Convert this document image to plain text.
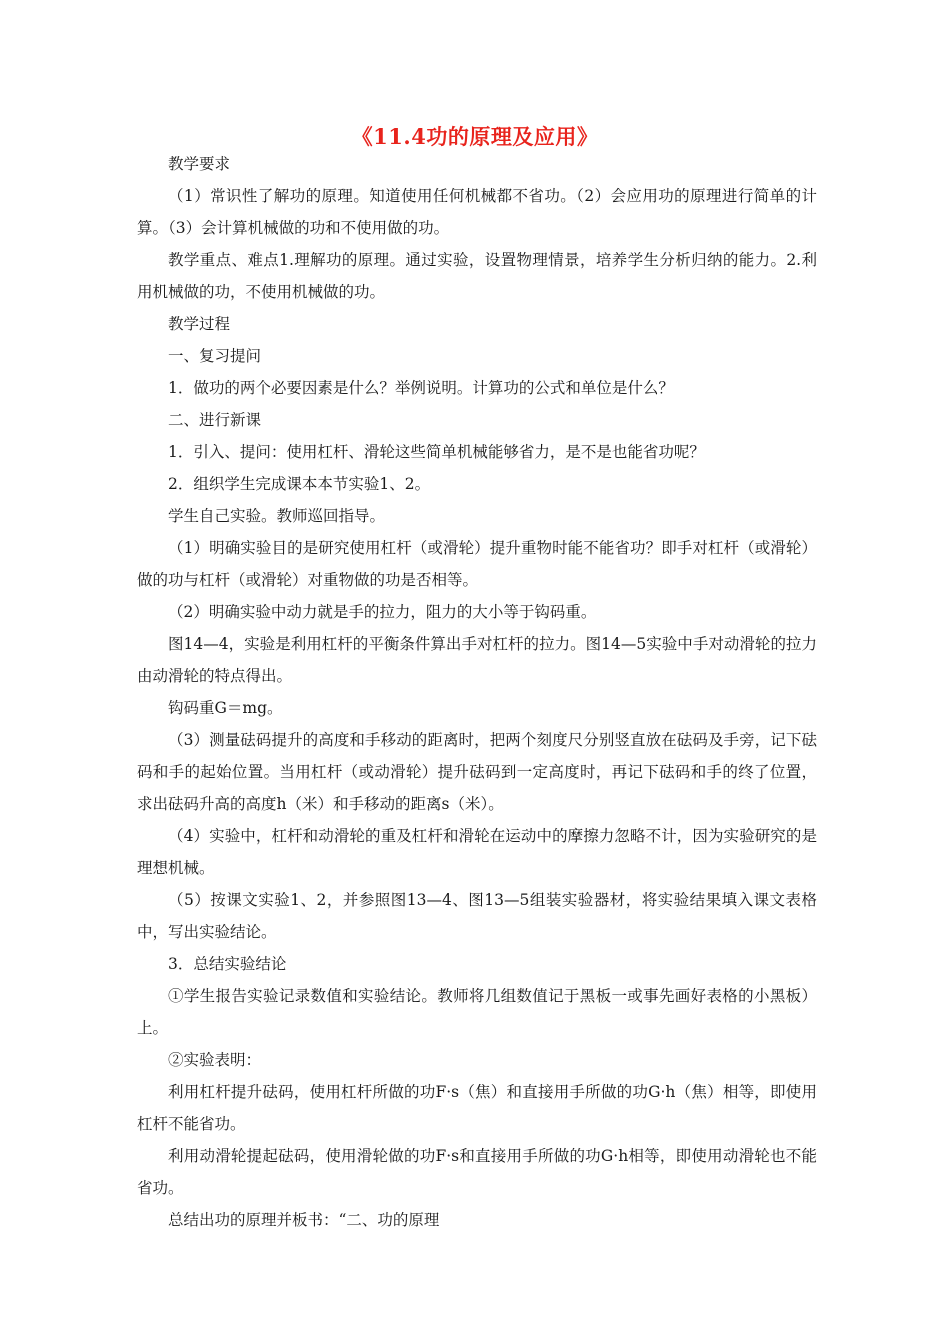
《11.4功的原理及应用》

教学要求

（1）常识性了解功的原理。知道使用任何机械都不省功。（2）会应用功的原理进行简单的计算。（3）会计算机械做的功和不使用做的功。

教学重点、难点1.理解功的原理。通过实验，设置物理情景，培养学生分析归纳的能力。2.利用机械做的功，不使用机械做的功。

教学过程

一、复习提问

1．做功的两个必要因素是什么？举例说明。计算功的公式和单位是什么？

二、进行新课

1．引入、提问：使用杠杆、滑轮这些简单机械能够省力，是不是也能省功呢？

2．组织学生完成课本本节实验1、2。

学生自己实验。教师巡回指导。

（1）明确实验目的是研究使用杠杆（或滑轮）提升重物时能不能省功？即手对杠杆（或滑轮）做的功与杠杆（或滑轮）对重物做的功是否相等。

（2）明确实验中动力就是手的拉力，阻力的大小等于钩码重。

图14—4，实验是利用杠杆的平衡条件算出手对杠杆的拉力。图14—5实验中手对动滑轮的拉力由动滑轮的特点得出。

钩码重G＝mg。

（3）测量砝码提升的高度和手移动的距离时，把两个刻度尺分别竖直放在砝码及手旁，记下砝码和手的起始位置。当用杠杆（或动滑轮）提升砝码到一定高度时，再记下砝码和手的终了位置，求出砝码升高的高度h（米）和手移动的距离s（米）。

（4）实验中，杠杆和动滑轮的重及杠杆和滑轮在运动中的摩擦力忽略不计，因为实验研究的是理想机械。

（5）按课文实验1、2，并参照图13—4、图13—5组装实验器材，将实验结果填入课文表格中，写出实验结论。

3．总结实验结论

①学生报告实验记录数值和实验结论。教师将几组数值记于黑板一或事先画好表格的小黑板）上。

②实验表明：

利用杠杆提升砝码，使用杠杆所做的功F·s（焦）和直接用手所做的功G·h（焦）相等，即使用杠杆不能省功。

利用动滑轮提起砝码，使用滑轮做的功F·s和直接用手所做的功G·h相等，即使用动滑轮也不能省功。

总结出功的原理并板书：“二、功的原理
